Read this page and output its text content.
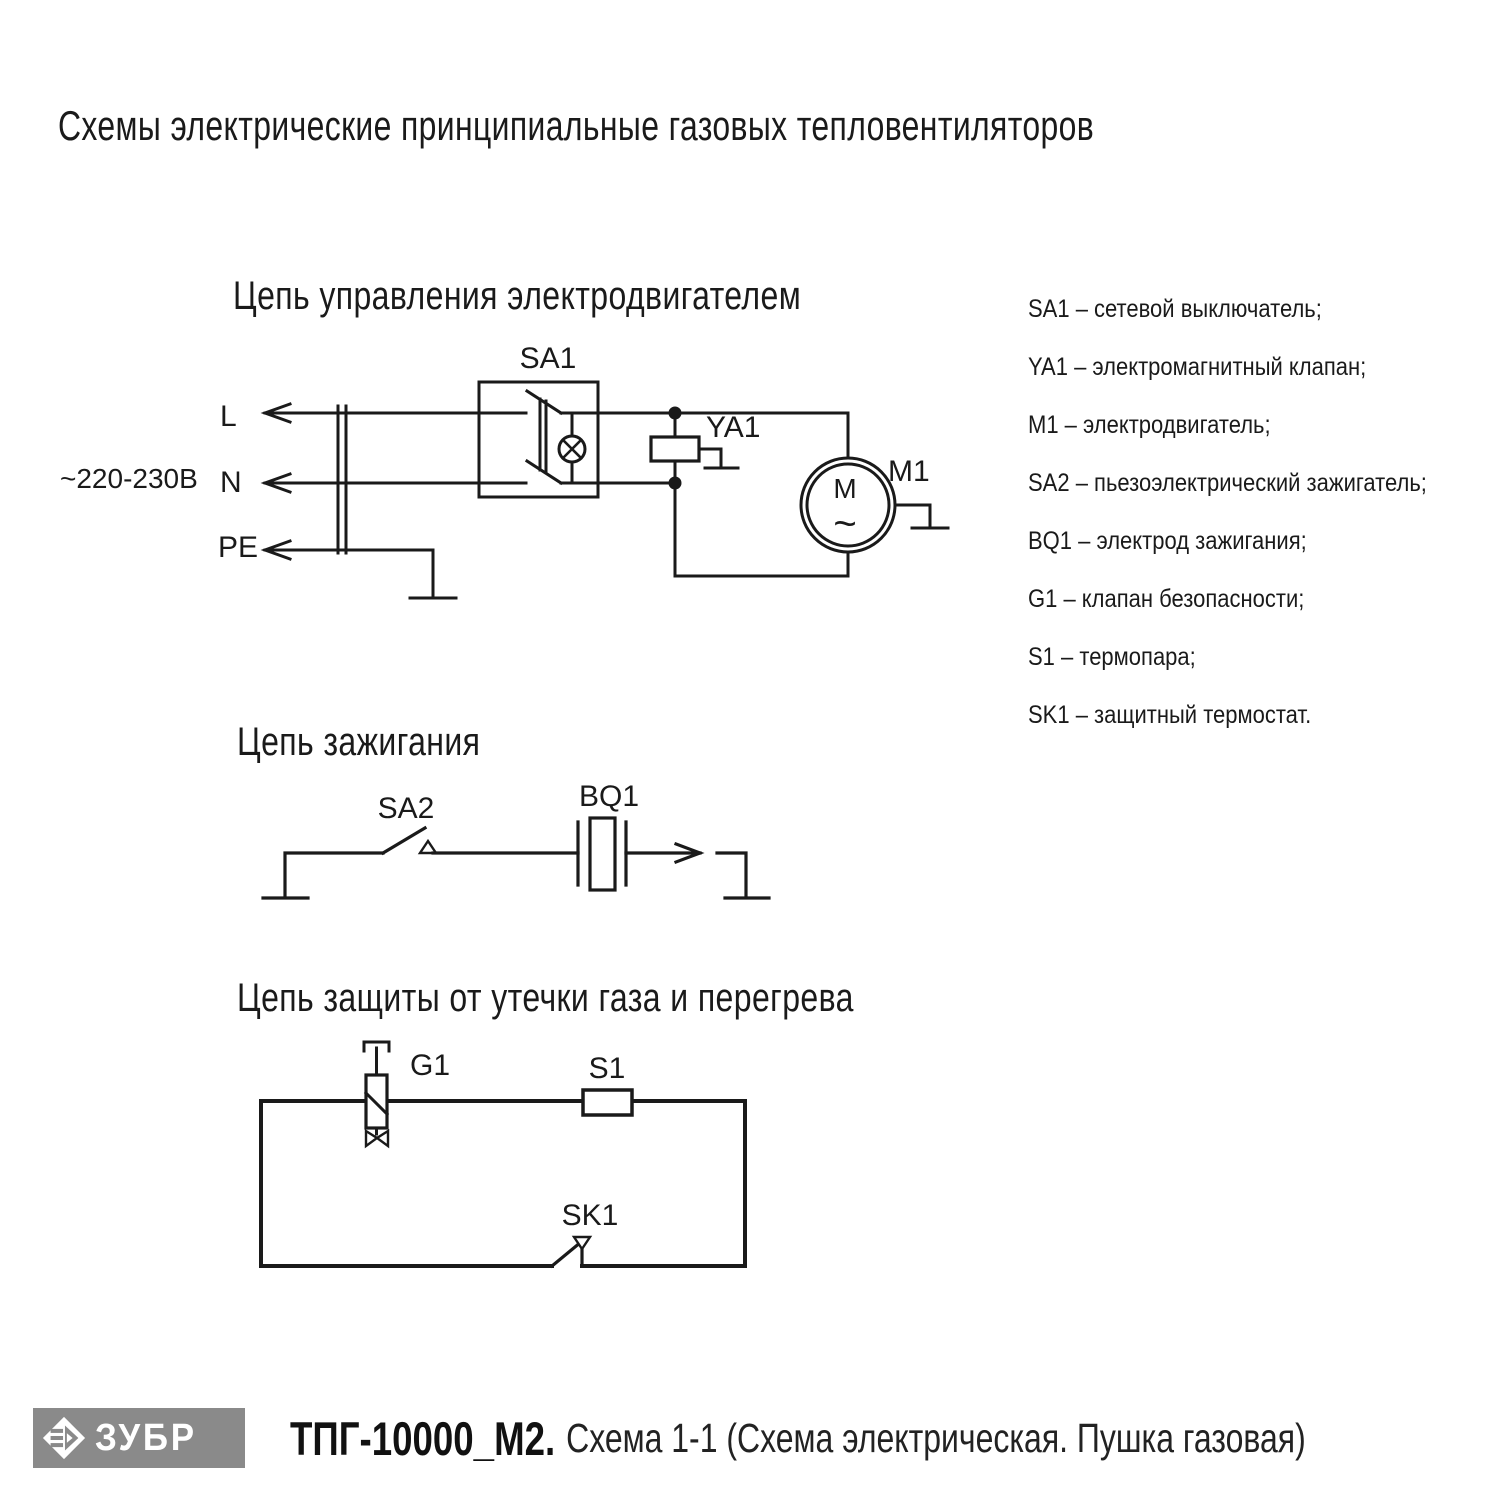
Схемы электрические принципиальные газовых тепловентиляторов
Цепь управления электродвигателем
Цепь зажигания
Цепь защиты от утечки газа и перегрева
~220-230В
L
N
PE
SA1
YA1
M1
M
~
SA2	BQ1
G1	S1
SK1
SA1 – сетевой выключатель;
YA1 – электромагнитный клапан;
M1 – электродвигатель;
SA2 – пьезоэлектрический зажигатель;
BQ1 – электрод зажигания;
G1 – клапан безопасности;
S1 – термопара;
SK1 – защитный термостат.
ЗУБР ТПГ-10000_М2. Схема 1-1 (Схема электрическая. Пушка газовая)
